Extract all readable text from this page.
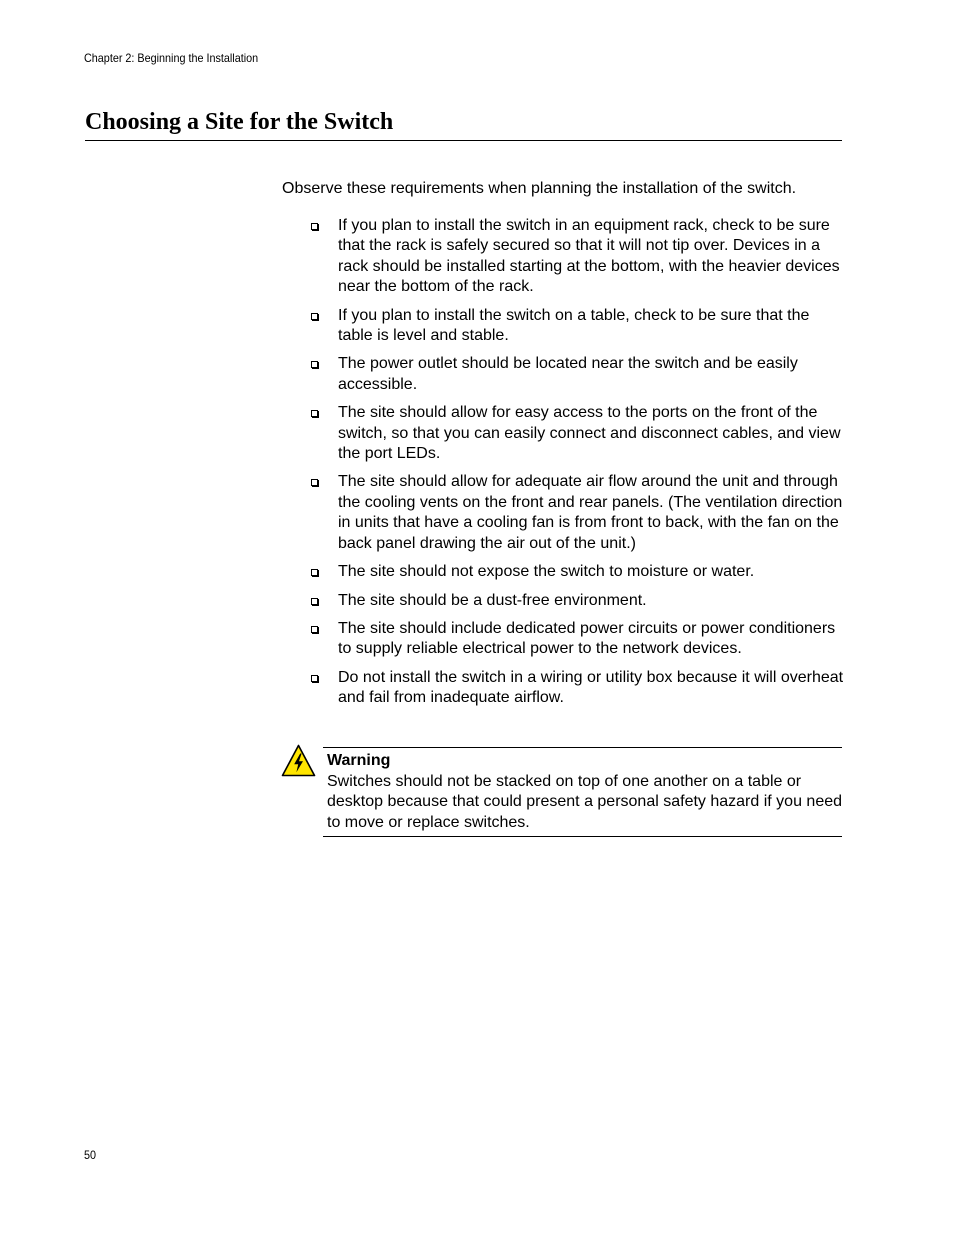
Chapter 2: Beginning the Installation
Choosing a Site for the Switch

Observe these requirements when planning the installation of the switch.

If you plan to install the switch in an equipment rack, check to be sure that the rack is safely secured so that it will not tip over. Devices in a rack should be installed starting at the bottom, with the heavier devices near the bottom of the rack.
If you plan to install the switch on a table, check to be sure that the table is level and stable.
The power outlet should be located near the switch and be easily accessible.
The site should allow for easy access to the ports on the front of the switch, so that you can easily connect and disconnect cables, and view the port LEDs.
The site should allow for adequate air flow around the unit and through the cooling vents on the front and rear panels. (The ventilation direction in units that have a cooling fan is from front to back, with the fan on the back panel drawing the air out of the unit.)
The site should not expose the switch to moisture or water.
The site should be a dust-free environment.
The site should include dedicated power circuits or power conditioners to supply reliable electrical power to the network devices.
Do not install the switch in a wiring or utility box because it will overheat and fail from inadequate airflow.
Warning

Switches should not be stacked on top of one another on a table or desktop because that could present a personal safety hazard if you need to move or replace switches.

50
